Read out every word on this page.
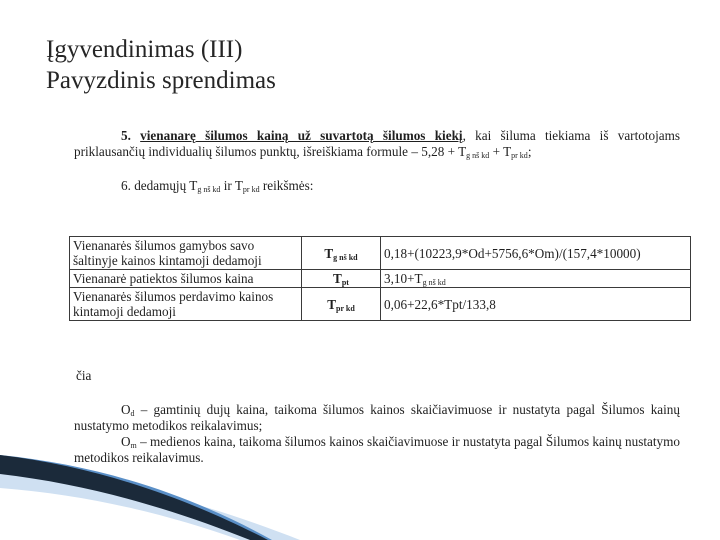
Įgyvendinimas (III)
Pavyzdinis sprendimas
5. vienanarę šilumos kainą už suvartotą šilumos kiekį, kai šiluma tiekiama iš vartotojams priklausančių individualių šilumos punktų, išreiškiama formule – $5,28 + T_{g nš kd} + T_{pr kd}$;
6. dedamųjų $T_{g nš kd}$ ir $T_{pr kd}$ reikšmės:
Vienanarės šilumos gamybos savo šaltinyje kainos kintamoji dedamoji	$T_{g nš kd}$	0,18+(10223,9*Od+5756,6*Om)/(157,4*10000)
Vienanarė patiektos šilumos kaina	$T_{pt}$	$3,10+T_{g nš kd}$
Vienanarės šilumos perdavimo kainos kintamoji dedamoji	$T_{pr kd}$	0,06+22,6*Tpt/133,8
čia

$O_d$ – gamtinių dujų kaina, taikoma šilumos kainos skaičiavimuose ir nustatyta pagal Šilumos kainų nustatymo metodikos reikalavimus;

$O_m$ – medienos kaina, taikoma šilumos kainos skaičiavimuose ir nustatyta pagal Šilumos kainų nustatymo metodikos reikalavimus.
